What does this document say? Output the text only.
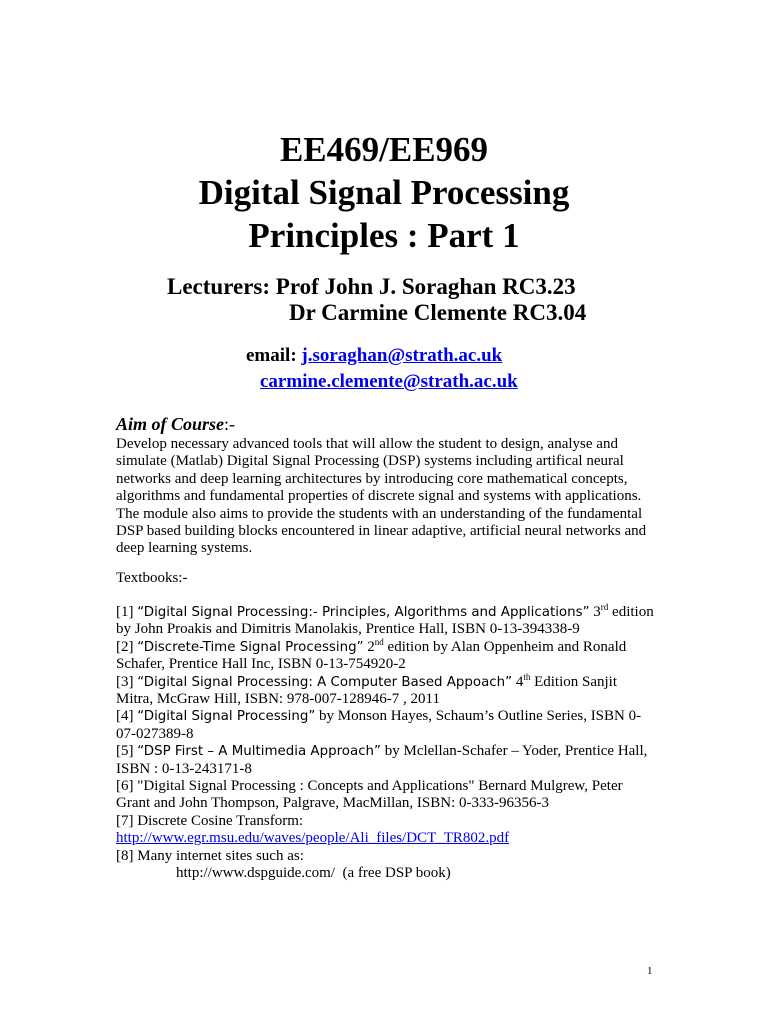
EE469/EE969
Digital Signal Processing
Principles : Part 1
Lecturers: Prof John J. Soraghan RC3.23
Dr Carmine Clemente RC3.04
email: j.soraghan@strath.ac.uk
carmine.clemente@strath.ac.uk
Aim of Course:-

Develop necessary advanced tools that will allow the student to design, analyse and simulate (Matlab) Digital Signal Processing (DSP) systems including artifical neural networks and deep learning architectures by introducing core mathematical concepts, algorithms and fundamental properties of discrete signal and systems with applications. The module also aims to provide the students with an understanding of the fundamental DSP based building blocks encountered in linear adaptive, artificial neural networks and deep learning systems.

Textbooks:-

[1] “Digital Signal Processing:- Principles, Algorithms and Applications” 3rd edition by John Proakis and Dimitris Manolakis, Prentice Hall, ISBN 0-13-394338-9

[2] “Discrete-Time Signal Processing” 2nd edition by Alan Oppenheim and Ronald Schafer, Prentice Hall Inc, ISBN 0-13-754920-2

[3] “Digital Signal Processing: A Computer Based Appoach” 4th Edition Sanjit Mitra, McGraw Hill, ISBN: 978-007-128946-7 , 2011

[4] “Digital Signal Processing” by Monson Hayes, Schaum’s Outline Series, ISBN 0-07-027389-8

[5] “DSP First – A Multimedia Approach” by Mclellan-Schafer – Yoder, Prentice Hall, ISBN : 0-13-243171-8

[6] "Digital Signal Processing : Concepts and Applications" Bernard Mulgrew, Peter Grant and John Thompson, Palgrave, MacMillan, ISBN: 0-333-96356-3

[7] Discrete Cosine Transform:

http://www.egr.msu.edu/waves/people/Ali_files/DCT_TR802.pdf

[8] Many internet sites such as:

http://www.dspguide.com/ (a free DSP book)

1
